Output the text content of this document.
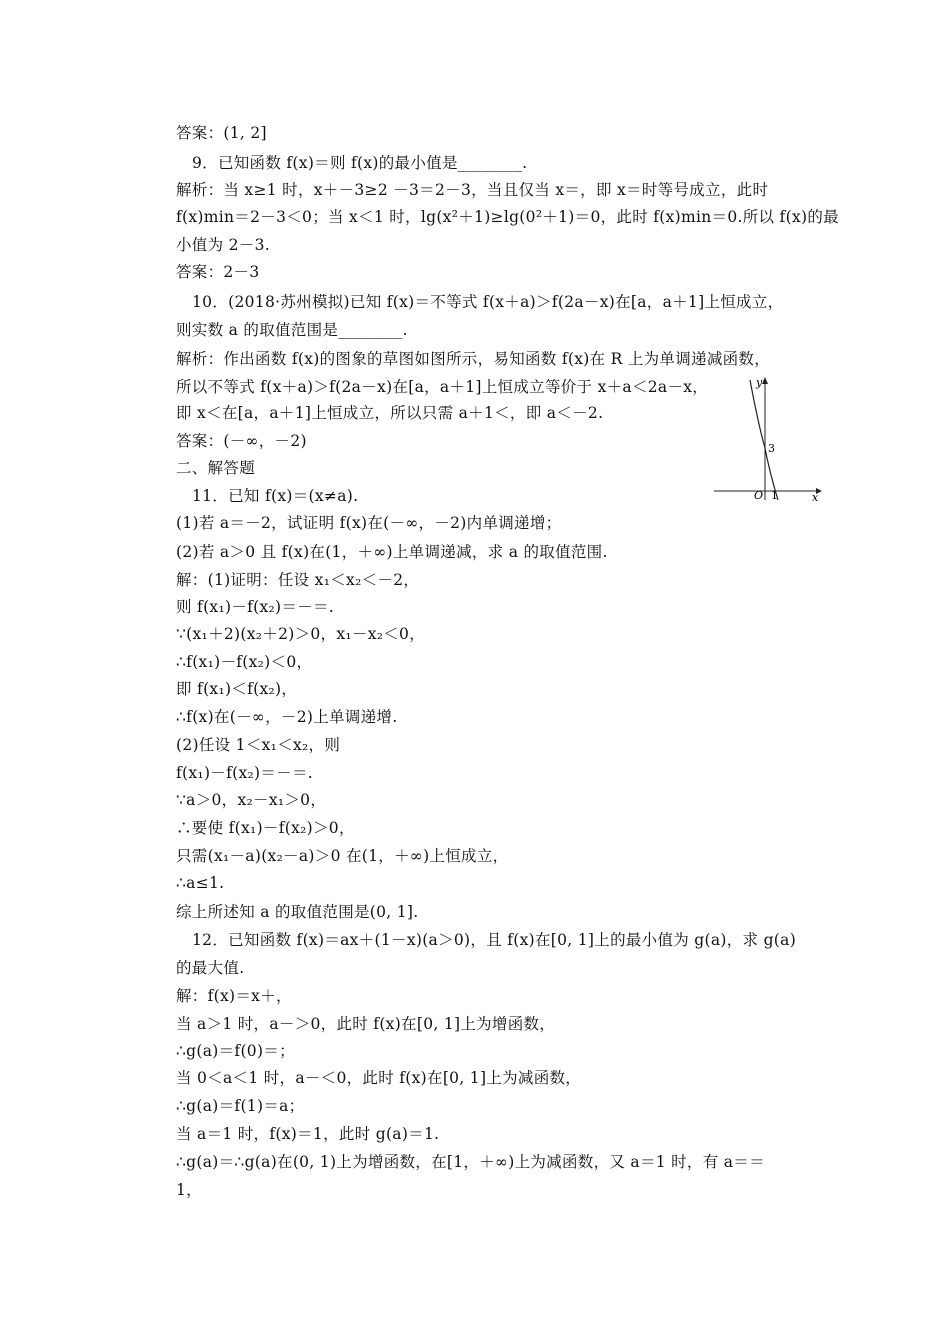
答案：(1, 2]
9．已知函数 f(x)＝则 f(x)的最小值是________.
解析：当 x≥1 时，x＋－3≥2 －3＝2－3，当且仅当 x＝，即 x＝时等号成立，此时
f(x)min＝2－3＜0；当 x＜1 时，lg(x²＋1)≥lg(0²＋1)＝0，此时 f(x)min＝0.所以 f(x)的最
小值为 2－3.
答案：2－3
10．(2018·苏州模拟)已知 f(x)＝不等式 f(x＋a)＞f(2a－x)在[a，a＋1]上恒成立，
则实数 a 的取值范围是________.
解析：作出函数 f(x)的图象的草图如图所示，易知函数 f(x)在 R 上为单调递减函数，
所以不等式 f(x＋a)＞f(2a－x)在[a，a＋1]上恒成立等价于 x＋a＜2a－x，
即 x＜在[a，a＋1]上恒成立，所以只需 a＋1＜，即 a＜－2.
答案：(－∞，－2)
二、解答题
11．已知 f(x)＝(x≠a).
(1)若 a＝－2，试证明 f(x)在(－∞，－2)内单调递增；
(2)若 a＞0 且 f(x)在(1，＋∞)上单调递减，求 a 的取值范围.
解：(1)证明：任设 x₁＜x₂＜－2，
则 f(x₁)－f(x₂)＝－＝.
∵(x₁＋2)(x₂＋2)＞0，x₁－x₂＜0，
∴f(x₁)－f(x₂)＜0，
即 f(x₁)＜f(x₂)，
∴f(x)在(－∞，－2)上单调递增.
(2)任设 1＜x₁＜x₂，则
f(x₁)－f(x₂)＝－＝.
∵a＞0，x₂－x₁＞0，
∴要使 f(x₁)－f(x₂)＞0，
只需(x₁－a)(x₂－a)＞0 在(1，＋∞)上恒成立，
∴a≤1.
综上所述知 a 的取值范围是(0, 1].
12．已知函数 f(x)＝ax＋(1－x)(a＞0)，且 f(x)在[0, 1]上的最小值为 g(a)，求 g(a)
的最大值.
解：f(x)＝x＋，
当 a＞1 时，a－＞0，此时 f(x)在[0, 1]上为增函数，
∴g(a)＝f(0)＝；
当 0＜a＜1 时，a－＜0，此时 f(x)在[0, 1]上为减函数，
∴g(a)＝f(1)＝a；
当 a＝1 时，f(x)＝1，此时 g(a)＝1.
∴g(a)＝∴g(a)在(0, 1)上为增函数，在[1，＋∞)上为减函数，又 a＝1 时，有 a＝＝
1，
y
x
O 1
3
